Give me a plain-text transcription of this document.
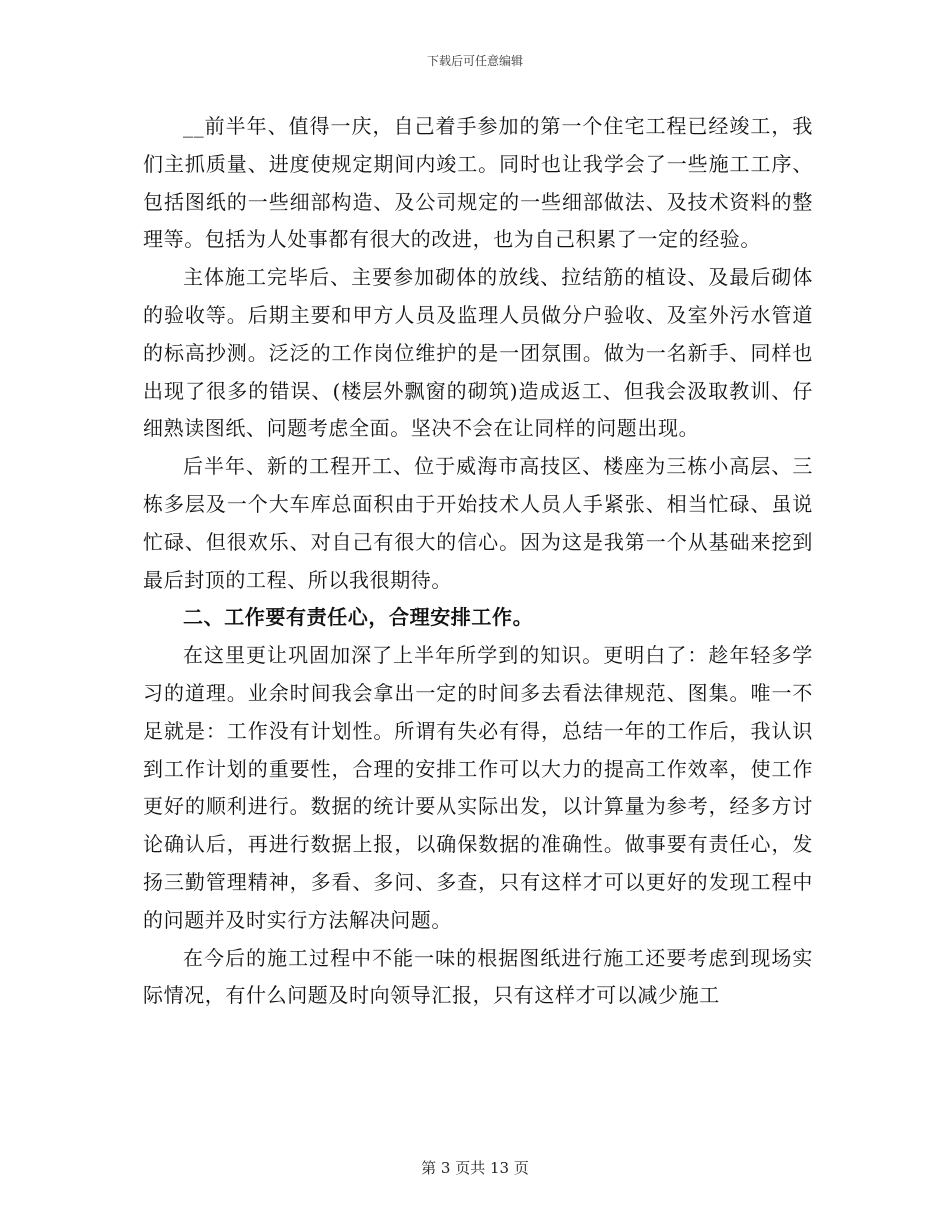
下载后可任意编辑

__前半年、值得一庆，自己着手参加的第一个住宅工程已经竣工，我们主抓质量、进度使规定期间内竣工。同时也让我学会了一些施工工序、包括图纸的一些细部构造、及公司规定的一些细部做法、及技术资料的整理等。包括为人处事都有很大的改进，也为自己积累了一定的经验。

主体施工完毕后、主要参加砌体的放线、拉结筋的植设、及最后砌体的验收等。后期主要和甲方人员及监理人员做分户验收、及室外污水管道的标高抄测。泛泛的工作岗位维护的是一团氛围。做为一名新手、同样也出现了很多的错误、(楼层外飘窗的砌筑)造成返工、但我会汲取教训、仔细熟读图纸、问题考虑全面。坚决不会在让同样的问题出现。

后半年、新的工程开工、位于威海市高技区、楼座为三栋小高层、三栋多层及一个大车库总面积由于开始技术人员人手紧张、相当忙碌、虽说忙碌、但很欢乐、对自己有很大的信心。因为这是我第一个从基础来挖到最后封顶的工程、所以我很期待。

二、工作要有责任心，合理安排工作。

在这里更让巩固加深了上半年所学到的知识。更明白了：趁年轻多学习的道理。业余时间我会拿出一定的时间多去看法律规范、图集。唯一不足就是：工作没有计划性。所谓有失必有得，总结一年的工作后，我认识到工作计划的重要性，合理的安排工作可以大力的提高工作效率，使工作更好的顺利进行。数据的统计要从实际出发，以计算量为参考，经多方讨论确认后，再进行数据上报，以确保数据的准确性。做事要有责任心，发扬三勤管理精神，多看、多问、多查，只有这样才可以更好的发现工程中的问题并及时实行方法解决问题。

在今后的施工过程中不能一味的根据图纸进行施工还要考虑到现场实际情况，有什么问题及时向领导汇报，只有这样才可以减少施工

第 3 页共 13 页
